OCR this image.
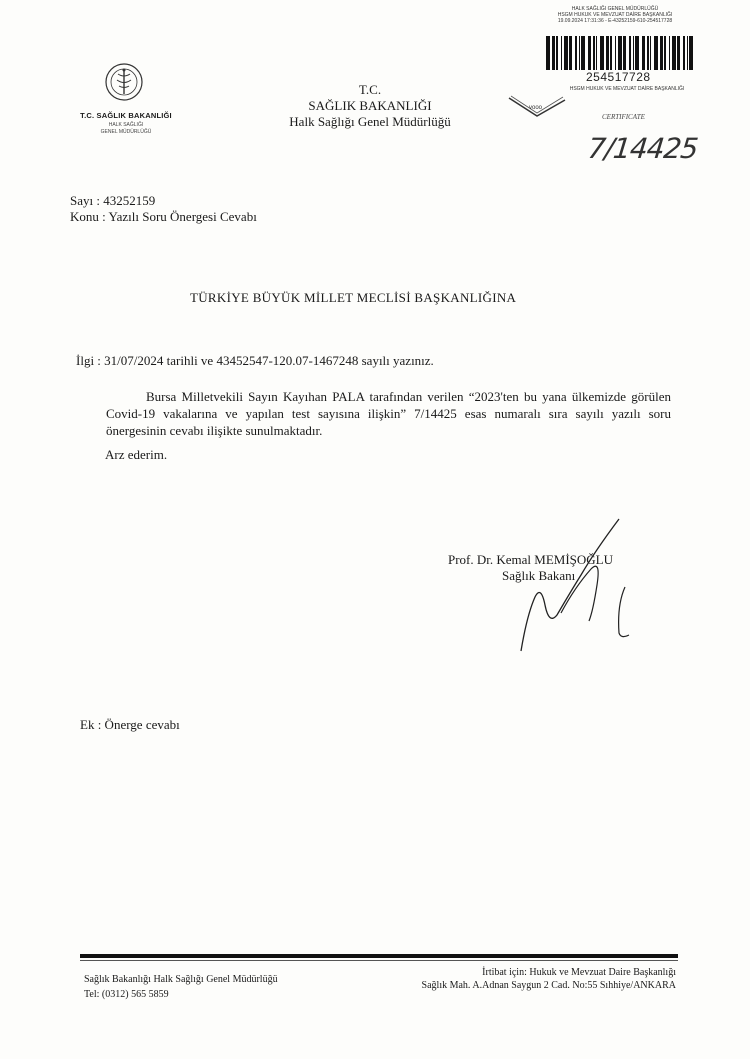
HALK SAĞLIĞI GENEL MÜDÜRLÜĞÜ
HSGM HUKUK VE MEVZUAT DAİRE BAŞKANLIĞI
19.09.2024 17:31:36 - E-43252159-610-254517728
254517728
HSGM HUKUK VE MEVZUAT DAİRE BAŞKANLIĞI
vooo
CERTIFICATE
7/14425
T.C. SAĞLIK BAKANLIĞI
HALK SAĞLIĞI
GENEL MÜDÜRLÜĞÜ
T.C.
SAĞLIK BAKANLIĞI
Halk Sağlığı Genel Müdürlüğü
Sayı : 43252159
Konu : Yazılı Soru Önergesi Cevabı
TÜRKİYE BÜYÜK MİLLET MECLİSİ BAŞKANLIĞINA
İlgi : 31/07/2024 tarihli ve 43452547-120.07-1467248 sayılı yazınız.
Bursa Milletvekili Sayın Kayıhan PALA tarafından verilen “2023'ten bu yana ülkemizde görülen Covid-19 vakalarına ve yapılan test sayısına ilişkin” 7/14425 esas numaralı sıra sayılı yazılı soru önergesinin cevabı ilişikte sunulmaktadır.
Arz ederim.
Prof. Dr. Kemal MEMİŞOĞLU
Sağlık Bakanı
Ek : Önerge cevabı
Sağlık Bakanlığı Halk Sağlığı Genel Müdürlüğü
Tel: (0312) 565 5859
İrtibat için: Hukuk ve Mevzuat Daire Başkanlığı
Sağlık Mah. A.Adnan Saygun 2 Cad. No:55 Sıhhiye/ANKARA
